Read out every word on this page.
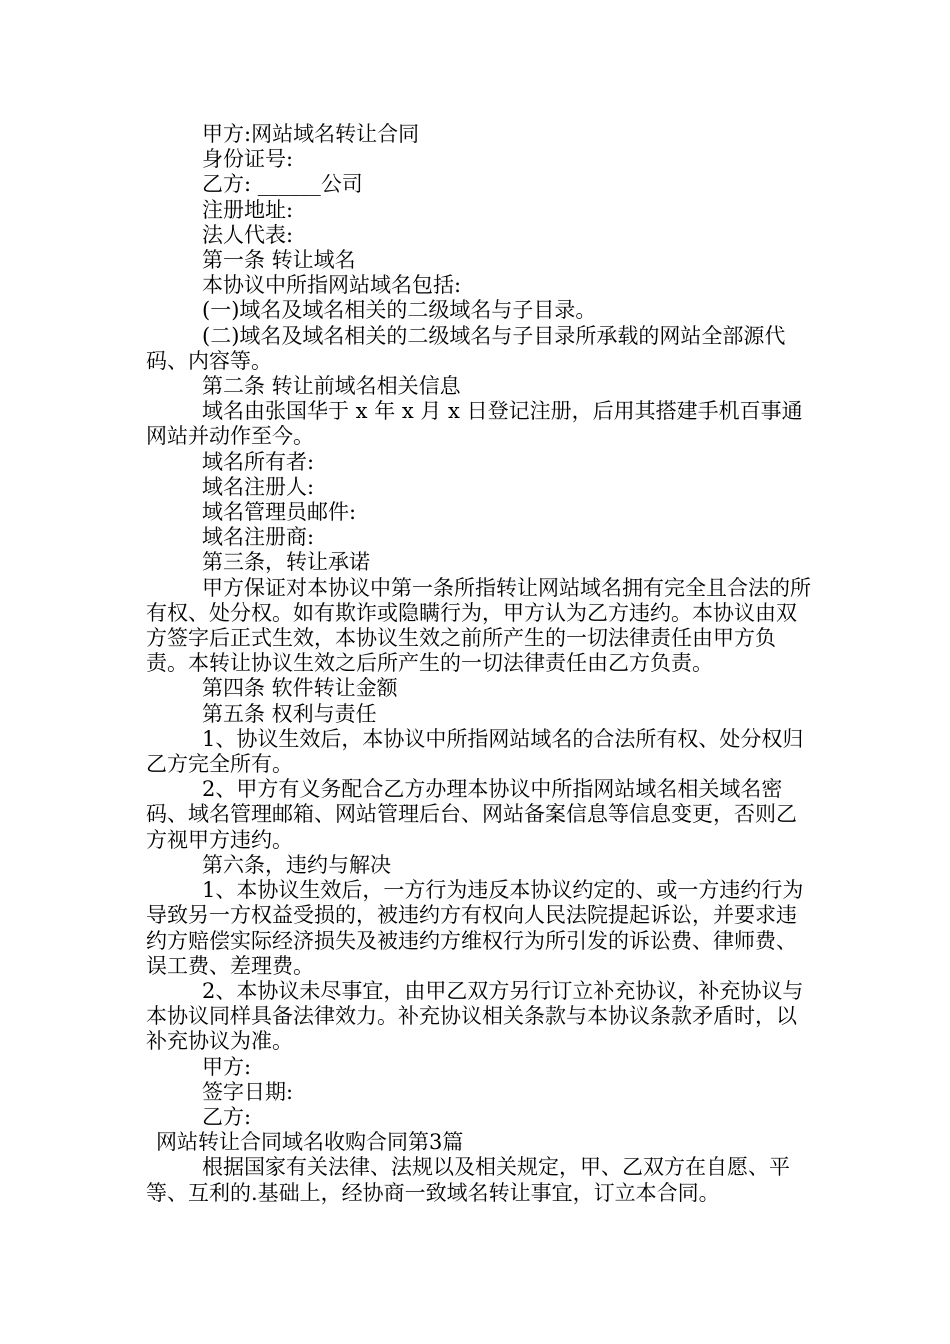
甲方:网站域名转让合同

身份证号:

乙方: ______公司

注册地址:

法人代表:

第一条 转让域名

本协议中所指网站域名包括:

(一)域名及域名相关的二级域名与子目录。

(二)域名及域名相关的二级域名与子目录所承载的网站全部源代码、内容等。

第二条 转让前域名相关信息

域名由张国华于 x 年 x 月 x 日登记注册，后用其搭建手机百事通网站并动作至今。

域名所有者:

域名注册人:

域名管理员邮件:

域名注册商:

第三条，转让承诺

甲方保证对本协议中第一条所指转让网站域名拥有完全且合法的所有权、处分权。如有欺诈或隐瞒行为，甲方认为乙方违约。本协议由双方签字后正式生效，本协议生效之前所产生的一切法律责任由甲方负责。本转让协议生效之后所产生的一切法律责任由乙方负责。

第四条 软件转让金额

第五条 权利与责任

1、协议生效后，本协议中所指网站域名的合法所有权、处分权归乙方完全所有。

2、甲方有义务配合乙方办理本协议中所指网站域名相关域名密码、域名管理邮箱、网站管理后台、网站备案信息等信息变更，否则乙方视甲方违约。

第六条，违约与解决

1、本协议生效后，一方行为违反本协议约定的、或一方违约行为导致另一方权益受损的，被违约方有权向人民法院提起诉讼，并要求违约方赔偿实际经济损失及被违约方维权行为所引发的诉讼费、律师费、误工费、差理费。

2、本协议未尽事宜，由甲乙双方另行订立补充协议，补充协议与本协议同样具备法律效力。补充协议相关条款与本协议条款矛盾时，以补充协议为准。

甲方:

签字日期:

乙方:

网站转让合同域名收购合同第3篇

根据国家有关法律、法规以及相关规定，甲、乙双方在自愿、平等、互利的.基础上，经协商一致域名转让事宜，订立本合同。
